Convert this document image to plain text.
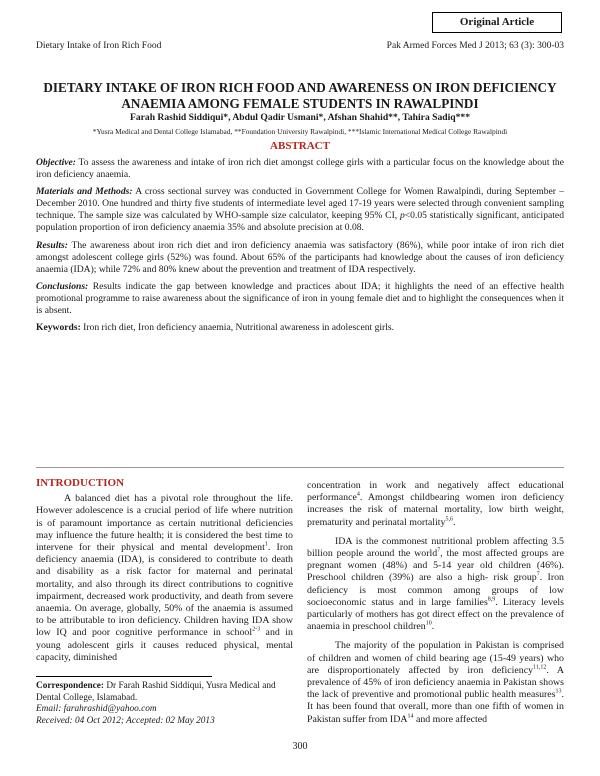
Original Article
Dietary Intake of Iron Rich Food	Pak Armed Forces Med J 2013; 63 (3): 300-03
DIETARY INTAKE OF IRON RICH FOOD AND AWARENESS ON IRON DEFICIENCY
ANAEMIA AMONG FEMALE STUDENTS IN RAWALPINDI
Farah Rashid Siddiqui*, Abdul Qadir Usmani*, Afshan Shahid**, Tahira Sadiq***
*Yusra Medical and Dental College Islamabad, **Foundation University Rawalpindi, ***Islamic International Medical College Rawalpindi
ABSTRACT

Objective: To assess the awareness and intake of iron rich diet amongst college girls with a particular focus on the knowledge about the iron deficiency anaemia.

Materials and Methods: A cross sectional survey was conducted in Government College for Women Rawalpindi, during September – December 2010. One hundred and thirty five students of intermediate level aged 17-19 years were selected through convenient sampling technique. The sample size was calculated by WHO-sample size calculator, keeping 95% CI, p<0.05 statistically significant, anticipated population proportion of iron deficiency anaemia 35% and absolute precision at 0.08.

Results: The awareness about iron rich diet and iron deficiency anaemia was satisfactory (86%), while poor intake of iron rich diet amongst adolescent college girls (52%) was found. About 65% of the participants had knowledge about the causes of iron deficiency anaemia (IDA); while 72% and 80% knew about the prevention and treatment of IDA respectively.

Conclusions: Results indicate the gap between knowledge and practices about IDA; it highlights the need of an effective health promotional programme to raise awareness about the significance of iron in young female diet and to highlight the consequences when it is absent.

Keywords: Iron rich diet, Iron deficiency anaemia, Nutritional awareness in adolescent girls.

INTRODUCTION

A balanced diet has a pivotal role throughout the life. However adolescence is a crucial period of life where nutrition is of paramount importance as certain nutritional deficiencies may influence the future health; it is considered the best time to intervene for their physical and mental development$^1$. Iron deficiency anaemia (IDA), is considered to contribute to death and disability as a risk factor for maternal and perinatal mortality, and also through its direct contributions to cognitive impairment, decreased work productivity, and death from severe anaemia. On average, globally, 50% of the anaemia is assumed to be attributable to iron deficiency. Children having IDA show low IQ and poor cognitive performance in school$^{2-3}$ and in young adolescent girls it causes reduced physical, mental capacity, diminished

concentration in work and negatively affect educational performance$^4$. Amongst childbearing women iron deficiency increases the risk of maternal mortality, low birth weight, prematurity and perinatal mortality$^{5,6}$.

IDA is the commonest nutritional problem affecting 3.5 billion people around the world$^7$, the most affected groups are pregnant women (48%) and 5-14 year old children (46%). Preschool children (39%) are also a high- risk group$^7$. Iron deficiency is most common among groups of low socioeconomic status and in large families$^{8,9}$. Literacy levels particularly of mothers has got direct effect on the prevalence of anaemia in preschool children$^{10}$.

The majority of the population in Pakistan is comprised of children and women of child bearing age (15-49 years) who are disproportionately affected by iron deficiency$^{11,12}$. A prevalence of 45% of iron deficiency anaemia in Pakistan shows the lack of preventive and promotional public health measures$^{13}$. It has been found that overall, more than one fifth of women in Pakistan suffer from IDA$^{14}$ and more affected

Correspondence: Dr Farah Rashid Siddiqui, Yusra Medical and Dental College, Islamabad.
Email: farahrashid@yahoo.com
Received: 04 Oct 2012; Accepted: 02 May 2013
300
